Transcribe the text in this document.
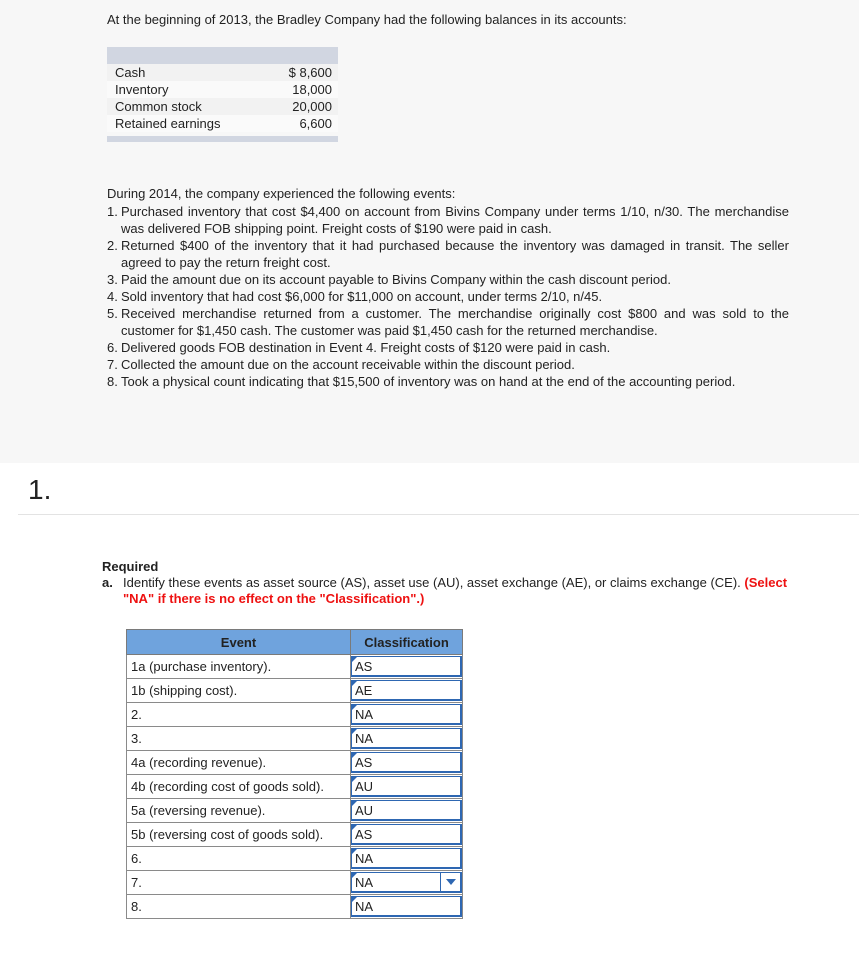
At the beginning of 2013, the Bradley Company had the following balances in its accounts:
Cash	$ 8,600
Inventory	18,000
Common stock	20,000
Retained earnings	6,600
During 2014, the company experienced the following events:
1. Purchased inventory that cost $4,400 on account from Bivins Company under terms 1/10, n/30. The merchandise was delivered FOB shipping point. Freight costs of $190 were paid in cash.
2. Returned $400 of the inventory that it had purchased because the inventory was damaged in transit. The seller agreed to pay the return freight cost.
3. Paid the amount due on its account payable to Bivins Company within the cash discount period.
4. Sold inventory that had cost $6,000 for $11,000 on account, under terms 2/10, n/45.
5. Received merchandise returned from a customer. The merchandise originally cost $800 and was sold to the customer for $1,450 cash. The customer was paid $1,450 cash for the returned merchandise.
6. Delivered goods FOB destination in Event 4. Freight costs of $120 were paid in cash.
7. Collected the amount due on the account receivable within the discount period.
8. Took a physical count indicating that $15,500 of inventory was on hand at the end of the accounting period.
1.
Required
a. Identify these events as asset source (AS), asset use (AU), asset exchange (AE), or claims exchange (CE). (Select "NA" if there is no effect on the "Classification".)
Event	Classification
1a (purchase inventory).	AS

1b (shipping cost).	AE

2.	NA

3.	NA

4a (recording revenue).	AS

4b (recording cost of goods sold).	AU

5a (reversing revenue).	AU

5b (reversing cost of goods sold).	AS

6.	NA

7.	NA

8.	NA
